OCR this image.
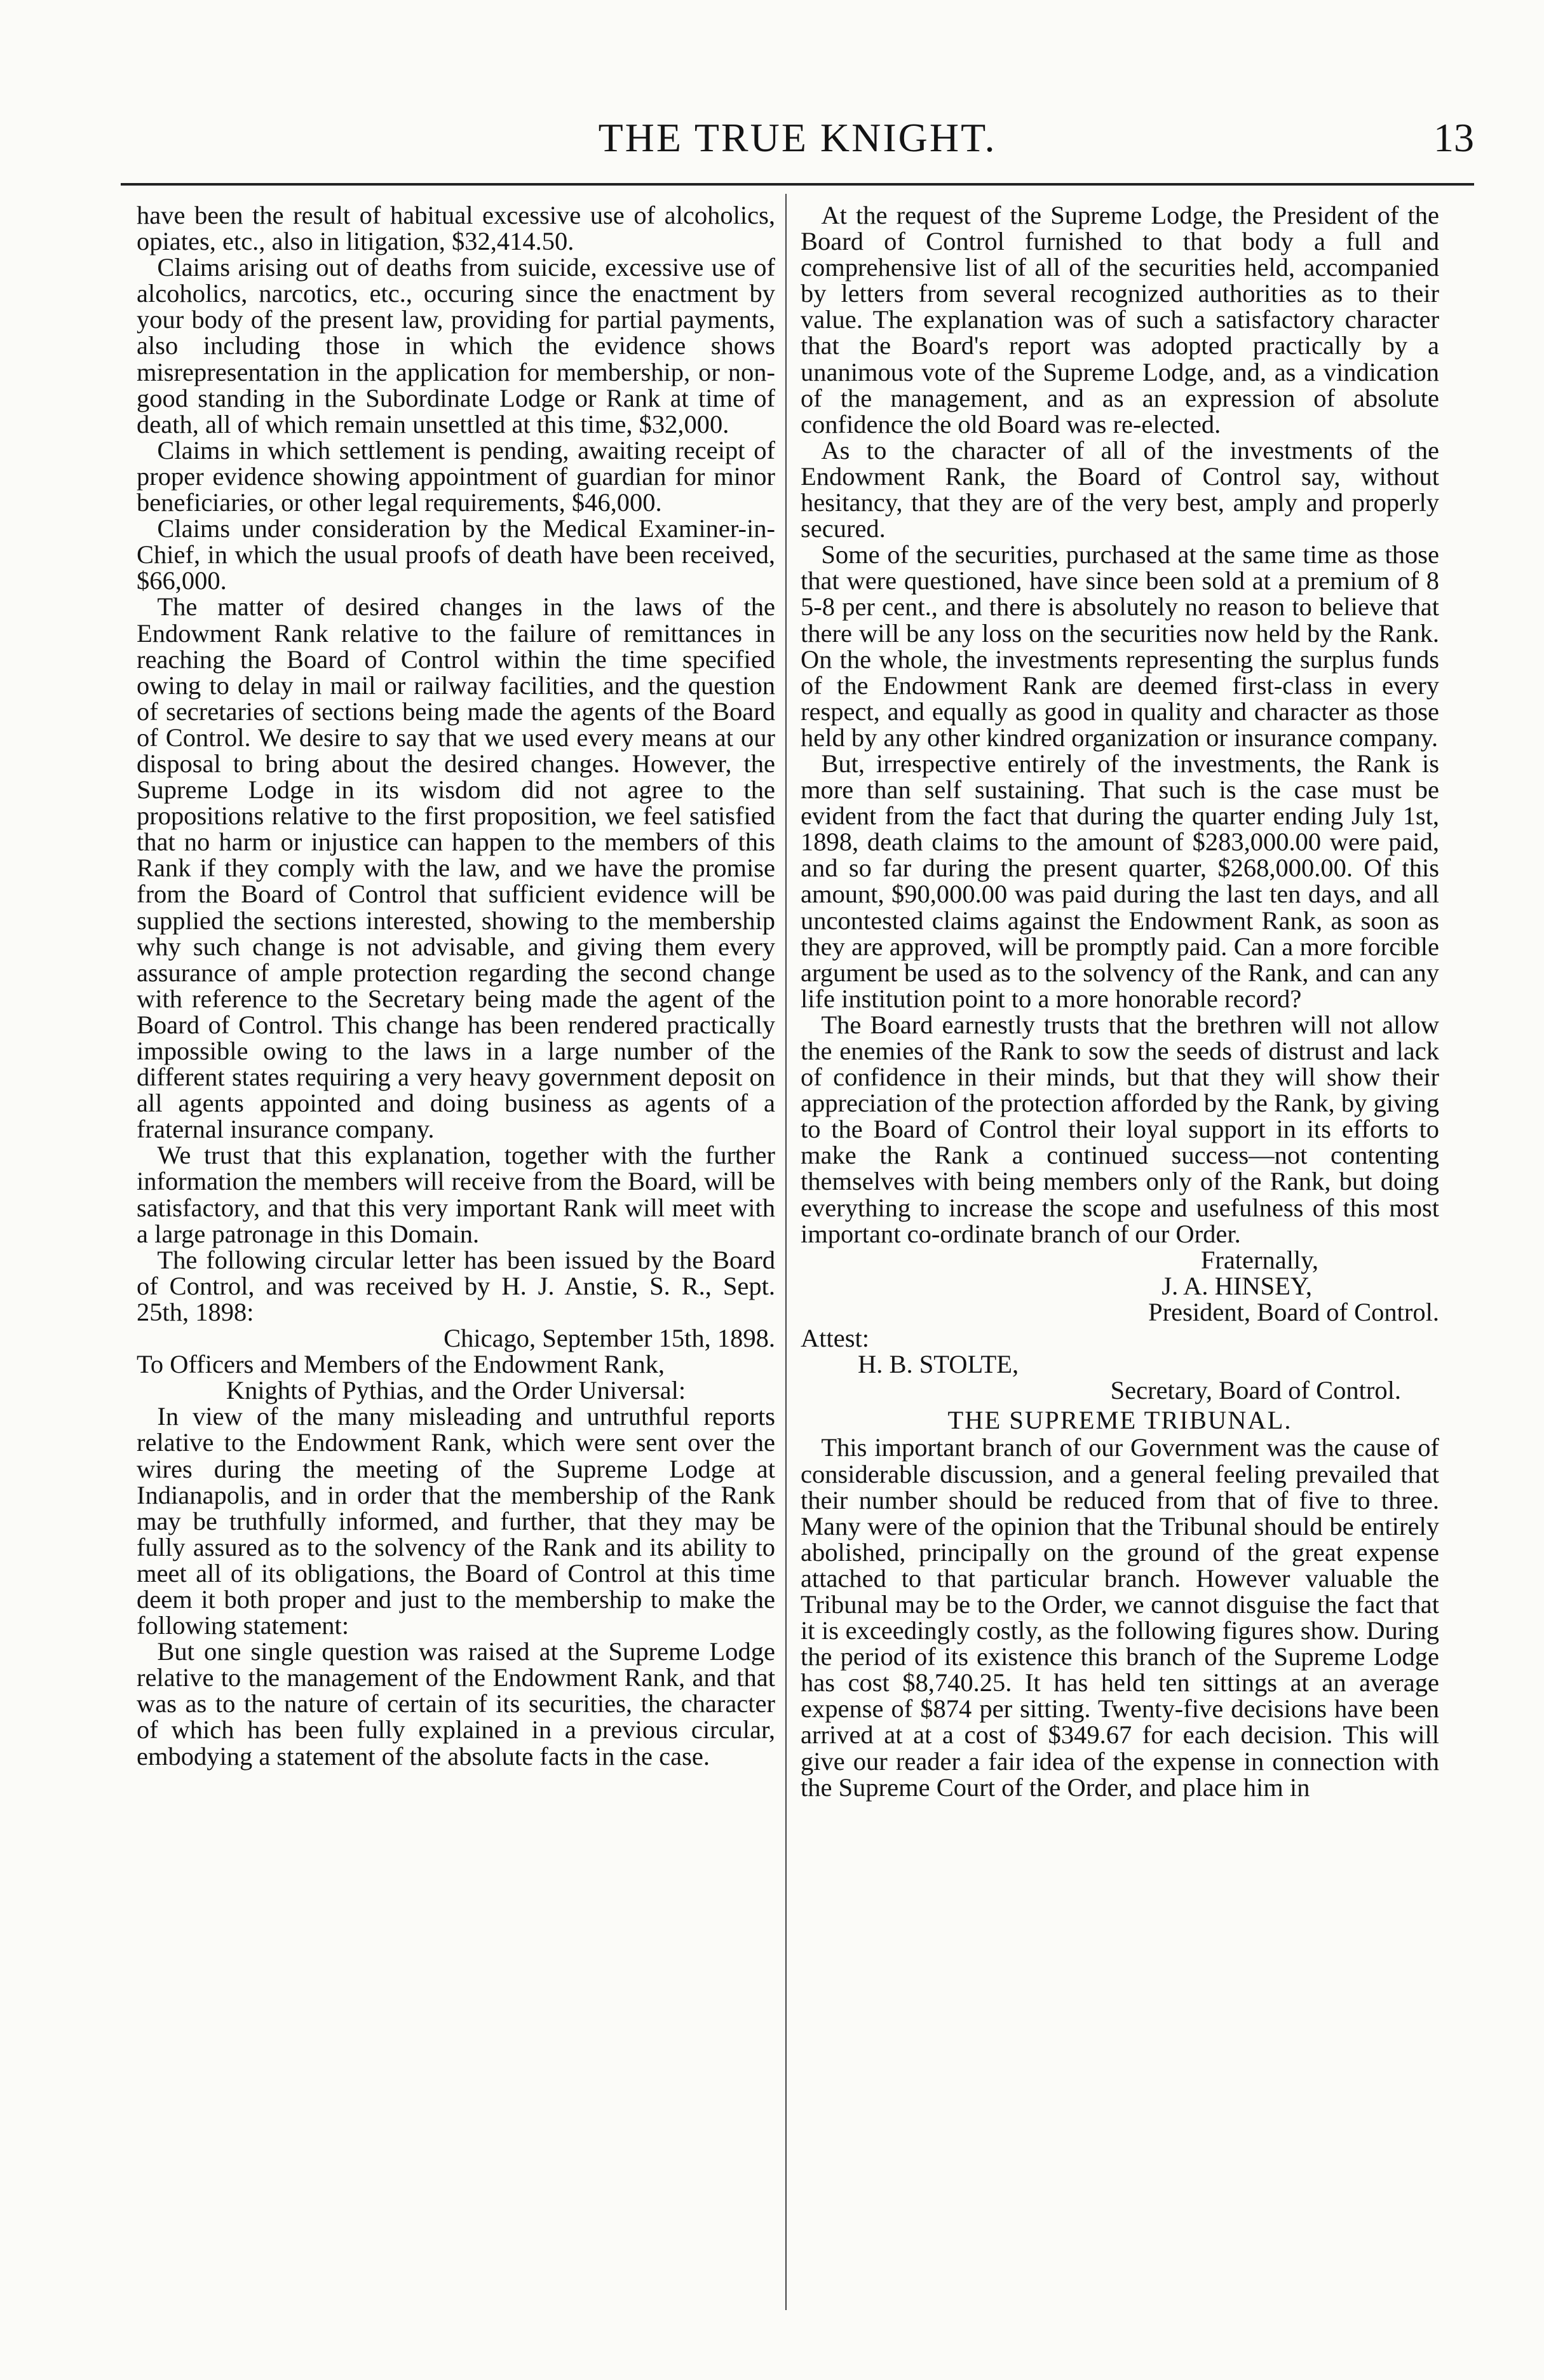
THE TRUE KNIGHT.	13

have been the result of habitual excessive use of alcoholics, opiates, etc., also in litigation, $32,414.50.

Claims arising out of deaths from suicide, excessive use of alcoholics, narcotics, etc., occuring since the enactment by your body of the present law, providing for partial payments, also including those in which the evidence shows misrepresentation in the application for membership, or non-good standing in the Subordinate Lodge or Rank at time of death, all of which remain unsettled at this time, $32,000.

Claims in which settlement is pending, awaiting receipt of proper evidence showing appointment of guardian for minor beneficiaries, or other legal requirements, $46,000.

Claims under consideration by the Medical Examiner-in-Chief, in which the usual proofs of death have been received, $66,000.

The matter of desired changes in the laws of the Endowment Rank relative to the failure of remittances in reaching the Board of Control within the time specified owing to delay in mail or railway facilities, and the question of secretaries of sections being made the agents of the Board of Control. We desire to say that we used every means at our disposal to bring about the desired changes. However, the Supreme Lodge in its wisdom did not agree to the propositions relative to the first proposition, we feel satisfied that no harm or injustice can happen to the members of this Rank if they comply with the law, and we have the promise from the Board of Control that sufficient evidence will be supplied the sections interested, showing to the membership why such change is not advisable, and giving them every assurance of ample protection regarding the second change with reference to the Secretary being made the agent of the Board of Control. This change has been rendered practically impossible owing to the laws in a large number of the different states requiring a very heavy government deposit on all agents appointed and doing business as agents of a fraternal insurance company.

We trust that this explanation, together with the further information the members will receive from the Board, will be satisfactory, and that this very important Rank will meet with a large patronage in this Domain.

The following circular letter has been issued by the Board of Control, and was received by H. J. Anstie, S. R., Sept. 25th, 1898:

Chicago, September 15th, 1898.

To Officers and Members of the Endowment Rank,

Knights of Pythias, and the Order Universal:

In view of the many misleading and untruthful reports relative to the Endowment Rank, which were sent over the wires during the meeting of the Supreme Lodge at Indianapolis, and in order that the membership of the Rank may be truthfully informed, and further, that they may be fully assured as to the solvency of the Rank and its ability to meet all of its obligations, the Board of Control at this time deem it both proper and just to the membership to make the following statement:

But one single question was raised at the Supreme Lodge relative to the management of the Endowment Rank, and that was as to the nature of certain of its securities, the character of which has been fully explained in a previous circular, embodying a statement of the absolute facts in the case.

At the request of the Supreme Lodge, the President of the Board of Control furnished to that body a full and comprehensive list of all of the securities held, accompanied by letters from several recognized authorities as to their value. The explanation was of such a satisfactory character that the Board's report was adopted practically by a unanimous vote of the Supreme Lodge, and, as a vindication of the management, and as an expression of absolute confidence the old Board was re-elected.

As to the character of all of the investments of the Endowment Rank, the Board of Control say, without hesitancy, that they are of the very best, amply and properly secured.

Some of the securities, purchased at the same time as those that were questioned, have since been sold at a premium of 8 5-8 per cent., and there is absolutely no reason to believe that there will be any loss on the securities now held by the Rank. On the whole, the investments representing the surplus funds of the Endowment Rank are deemed first-class in every respect, and equally as good in quality and character as those held by any other kindred organization or insurance company.

But, irrespective entirely of the investments, the Rank is more than self sustaining. That such is the case must be evident from the fact that during the quarter ending July 1st, 1898, death claims to the amount of $283,000.00 were paid, and so far during the present quarter, $268,000.00. Of this amount, $90,000.00 was paid during the last ten days, and all uncontested claims against the Endowment Rank, as soon as they are approved, will be promptly paid. Can a more forcible argument be used as to the solvency of the Rank, and can any life institution point to a more honorable record?

The Board earnestly trusts that the brethren will not allow the enemies of the Rank to sow the seeds of distrust and lack of confidence in their minds, but that they will show their appreciation of the protection afforded by the Rank, by giving to the Board of Control their loyal support in its efforts to make the Rank a continued success—not contenting themselves with being members only of the Rank, but doing everything to increase the scope and usefulness of this most important co-ordinate branch of our Order.

Fraternally,

J. A. HINSEY,

President, Board of Control.

Attest:

H. B. STOLTE,

Secretary, Board of Control.

THE SUPREME TRIBUNAL.

This important branch of our Government was the cause of considerable discussion, and a general feeling prevailed that their number should be reduced from that of five to three. Many were of the opinion that the Tribunal should be entirely abolished, principally on the ground of the great expense attached to that particular branch. However valuable the Tribunal may be to the Order, we cannot disguise the fact that it is exceedingly costly, as the following figures show. During the period of its existence this branch of the Supreme Lodge has cost $8,740.25. It has held ten sittings at an average expense of $874 per sitting. Twenty-five decisions have been arrived at at a cost of $349.67 for each decision. This will give our reader a fair idea of the expense in connection with the Supreme Court of the Order, and place him in
